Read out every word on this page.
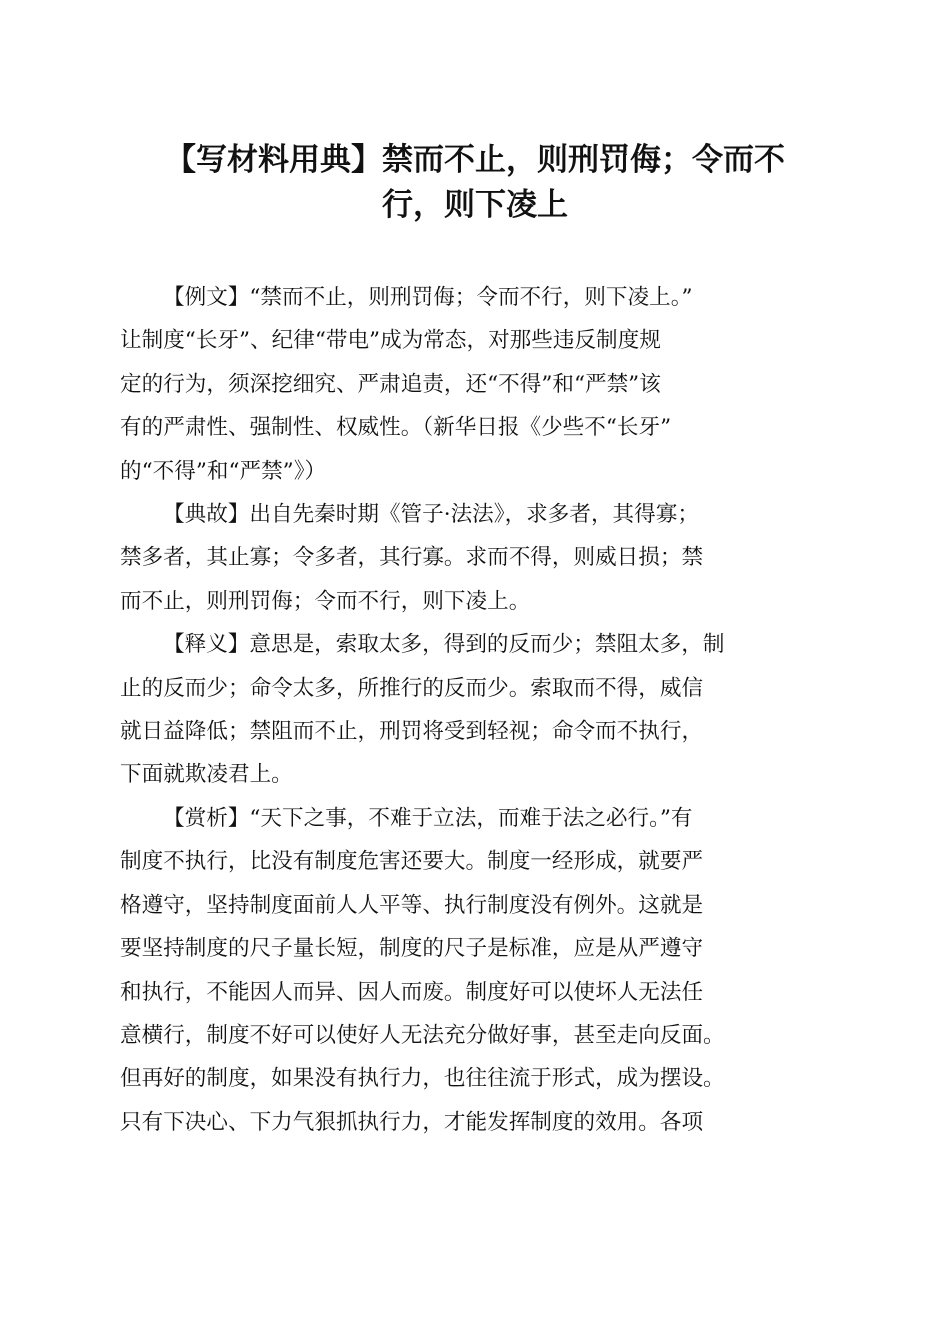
【写材料用典】禁而不止，则刑罚侮；令而不
行，则下凌上
【例文】“禁而不止，则刑罚侮；令而不行，则下凌上。”
让制度“长牙”、纪律“带电”成为常态，对那些违反制度规
定的行为，须深挖细究、严肃追责，还“不得”和“严禁”该
有的严肃性、强制性、权威性。（新华日报《少些不“长牙”
的“不得”和“严禁”》）
【典故】出自先秦时期《管子·法法》，求多者，其得寡；
禁多者，其止寡；令多者，其行寡。求而不得，则威日损；禁
而不止，则刑罚侮；令而不行，则下凌上。
【释义】意思是，索取太多，得到的反而少；禁阻太多，制
止的反而少；命令太多，所推行的反而少。索取而不得，威信
就日益降低；禁阻而不止，刑罚将受到轻视；命令而不执行，
下面就欺凌君上。
【赏析】“天下之事，不难于立法，而难于法之必行。”有
制度不执行，比没有制度危害还要大。制度一经形成，就要严
格遵守，坚持制度面前人人平等、执行制度没有例外。这就是
要坚持制度的尺子量长短，制度的尺子是标准，应是从严遵守
和执行，不能因人而异、因人而废。制度好可以使坏人无法任
意横行，制度不好可以使好人无法充分做好事，甚至走向反面。
但再好的制度，如果没有执行力，也往往流于形式，成为摆设。
只有下决心、下力气狠抓执行力，才能发挥制度的效用。各项
